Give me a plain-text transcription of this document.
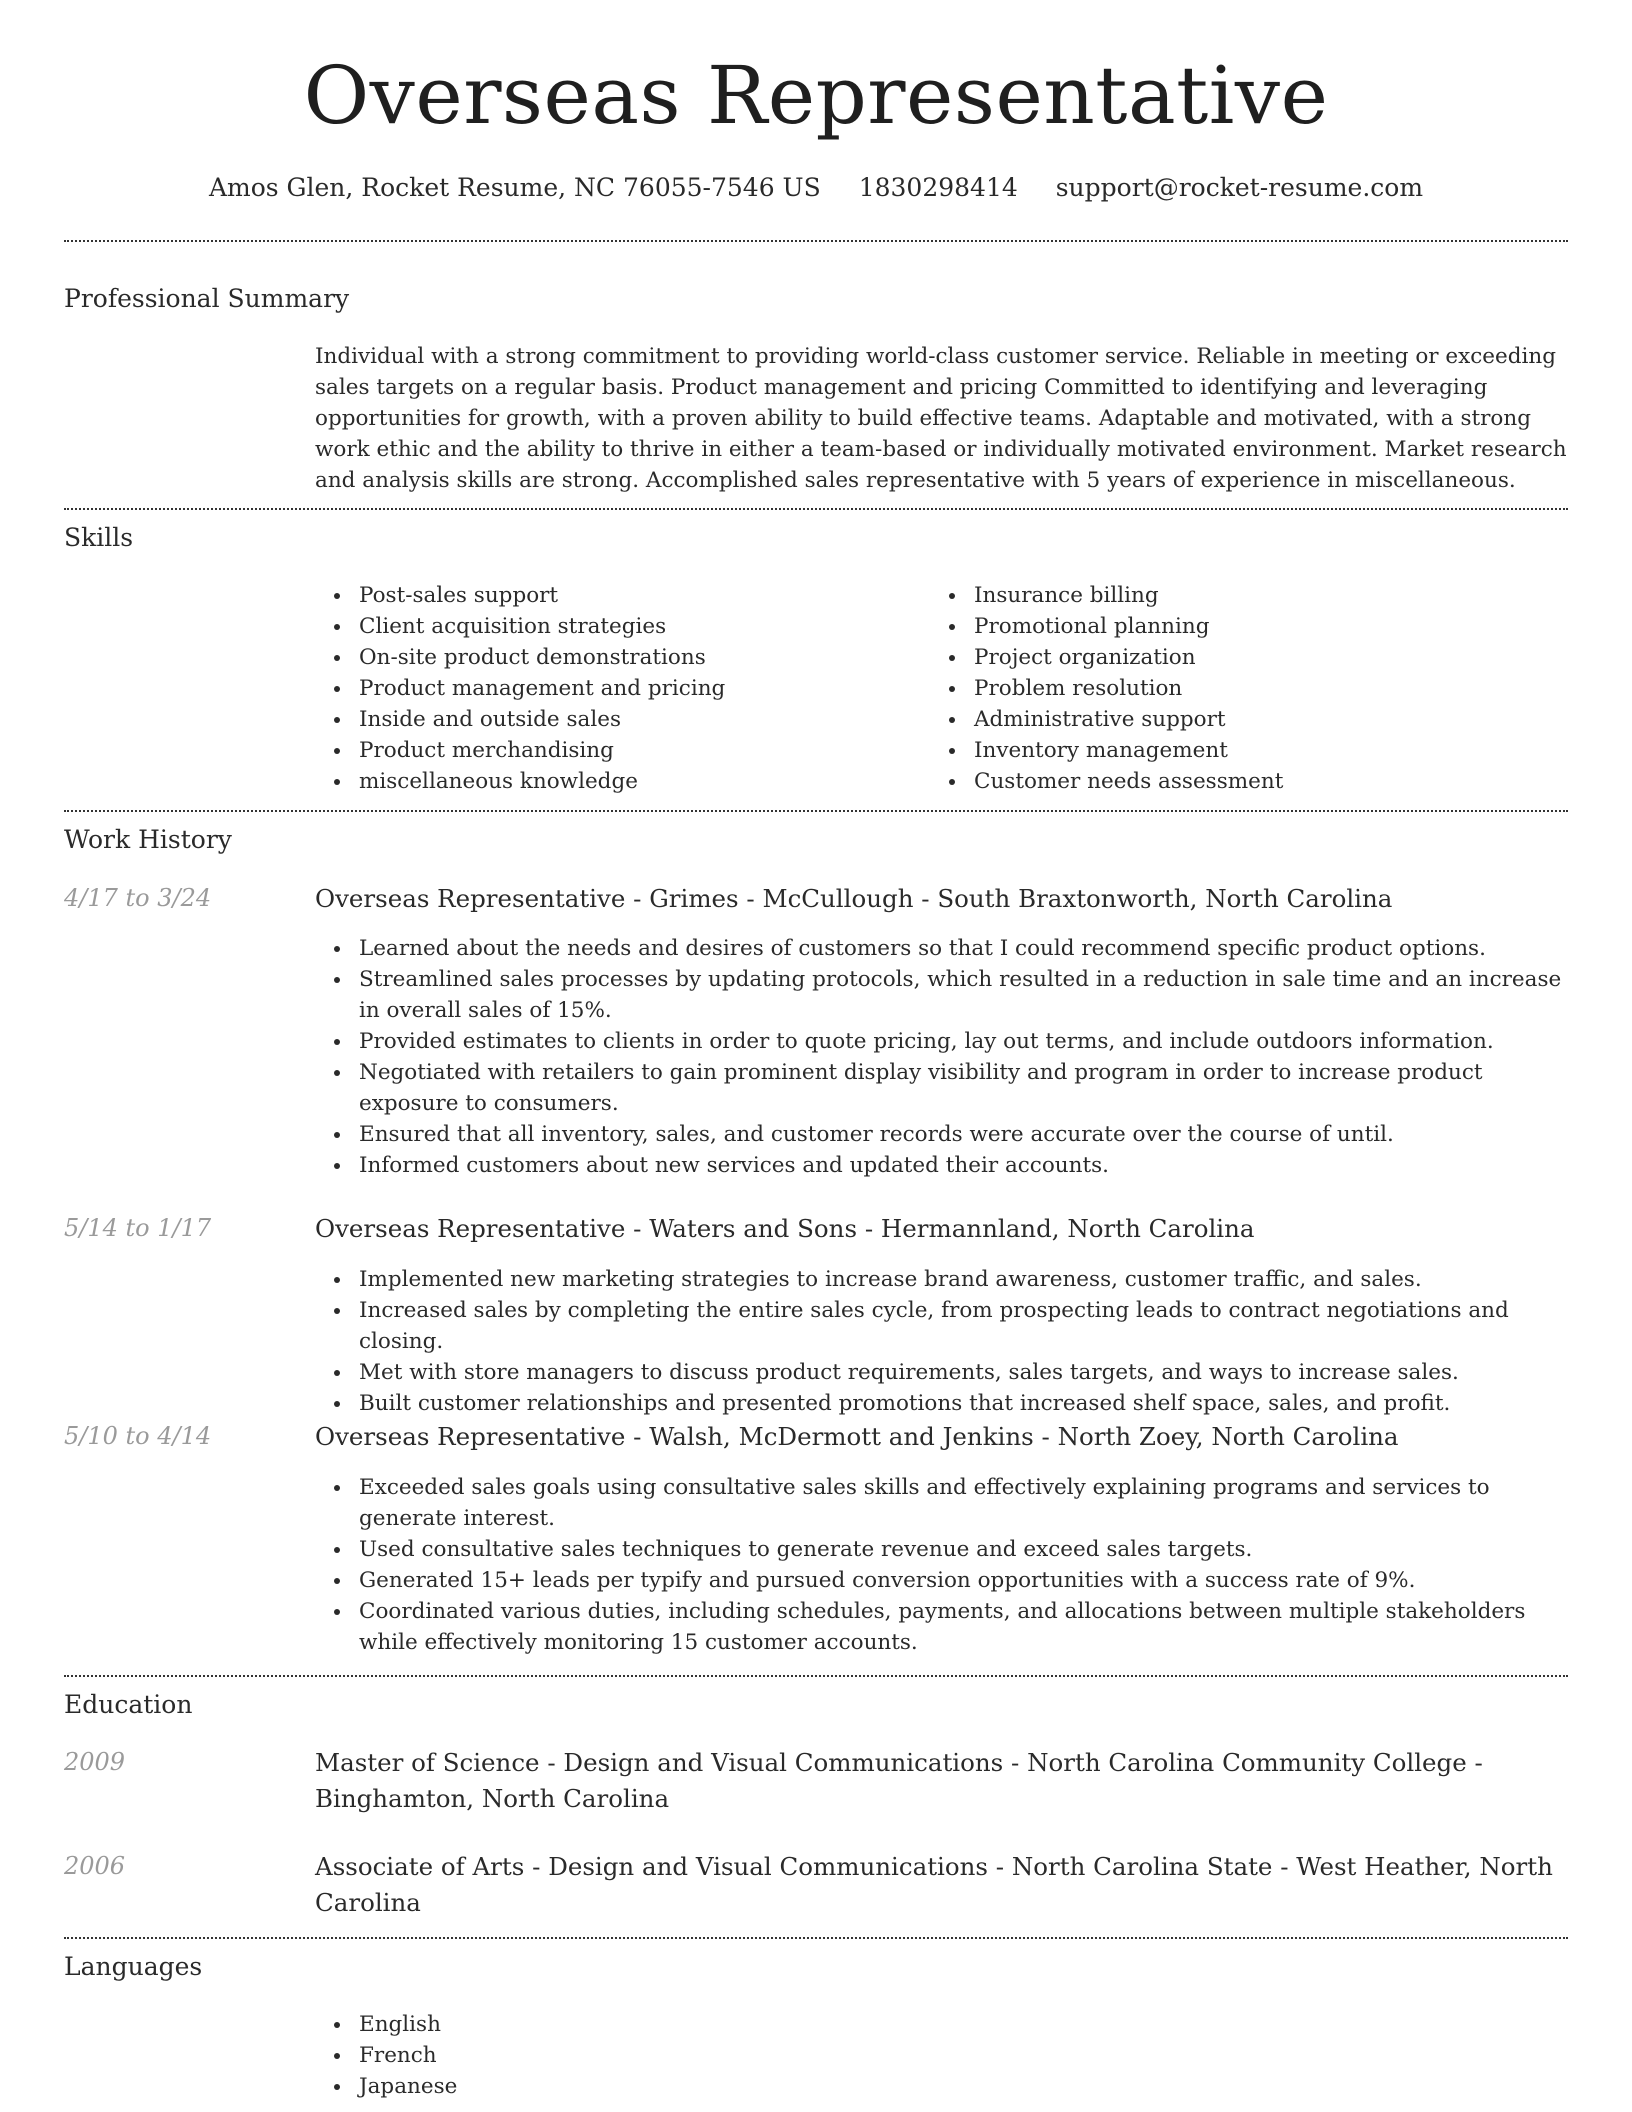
Overseas Representative
Amos Glen, Rocket Resume, NC 76055-7546 US 1830298414 support@rocket-resume.com
Professional Summary

Individual with a strong commitment to providing world-class customer service. Reliable in meeting or exceeding sales targets on a regular basis. Product management and pricing Committed to identifying and leveraging opportunities for growth, with a proven ability to build effective teams. Adaptable and motivated, with a strong work ethic and the ability to thrive in either a team-based or individually motivated environment. Market research and analysis skills are strong. Accomplished sales representative with 5 years of experience in miscellaneous.

Skills
Post-sales support
Client acquisition strategies
On-site product demonstrations
Product management and pricing
Inside and outside sales
Product merchandising
miscellaneous knowledge
Insurance billing
Promotional planning
Project organization
Problem resolution
Administrative support
Inventory management
Customer needs assessment
Work History
4/17 to 3/24	Overseas Representative - Grimes - McCullough - South Braxtonworth, North Carolina
Learned about the needs and desires of customers so that I could recommend specific product options.
Streamlined sales processes by updating protocols, which resulted in a reduction in sale time and an increase in overall sales of 15%.
Provided estimates to clients in order to quote pricing, lay out terms, and include outdoors information.
Negotiated with retailers to gain prominent display visibility and program in order to increase product exposure to consumers.
Ensured that all inventory, sales, and customer records were accurate over the course of until.
Informed customers about new services and updated their accounts.
5/14 to 1/17	Overseas Representative - Waters and Sons - Hermannland, North Carolina
Implemented new marketing strategies to increase brand awareness, customer traffic, and sales.
Increased sales by completing the entire sales cycle, from prospecting leads to contract negotiations and closing.
Met with store managers to discuss product requirements, sales targets, and ways to increase sales.
Built customer relationships and presented promotions that increased shelf space, sales, and profit.
5/10 to 4/14	Overseas Representative - Walsh, McDermott and Jenkins - North Zoey, North Carolina
Exceeded sales goals using consultative sales skills and effectively explaining programs and services to generate interest.
Used consultative sales techniques to generate revenue and exceed sales targets.
Generated 15+ leads per typify and pursued conversion opportunities with a success rate of 9%.
Coordinated various duties, including schedules, payments, and allocations between multiple stakeholders while effectively monitoring 15 customer accounts.
Education
2009	Master of Science - Design and Visual Communications - North Carolina Community College - Binghamton, North Carolina
2006	Associate of Arts - Design and Visual Communications - North Carolina State - West Heather, North Carolina
Languages
English
French
Japanese
